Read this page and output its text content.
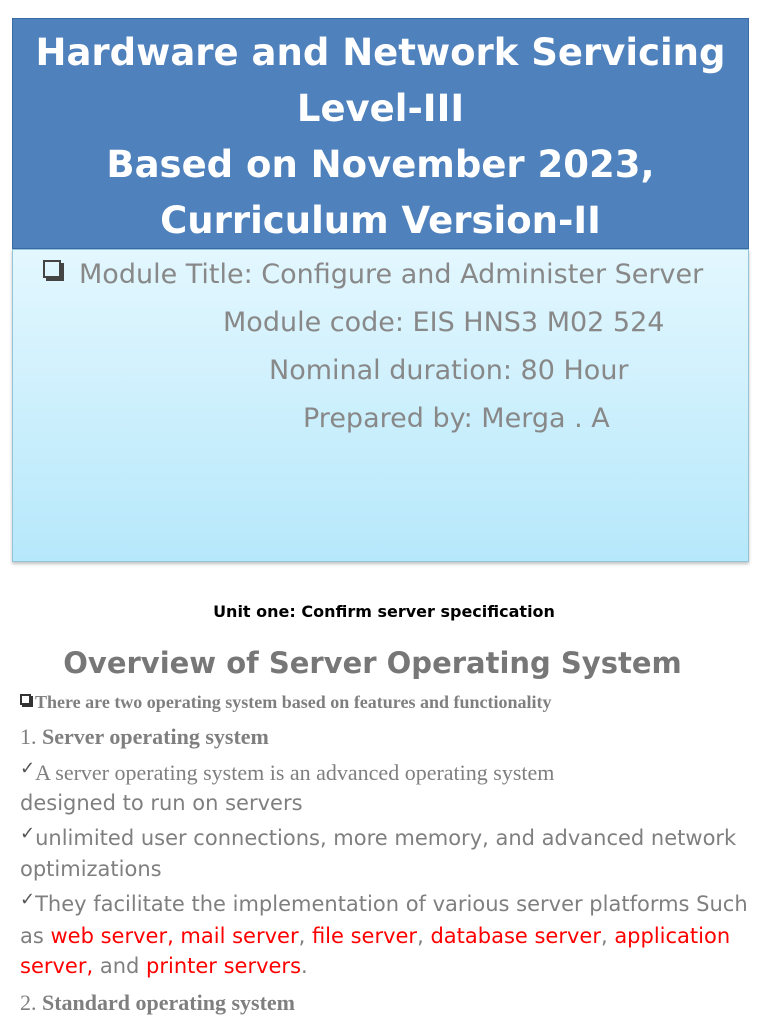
Hardware and Network Servicing
Level-III
Based on November 2023,
Curriculum Version-II
Module Title: Configure and Administer Server
Module code: EIS HNS3 M02 524
Nominal duration: 80 Hour
Prepared by: Merga . A
Unit one: Confirm server specification
Overview of Server Operating System
There are two operating system based on features and functionality
1. Server operating system
✓A server operating system is an advanced operating system
designed to run on servers
✓unlimited user connections, more memory, and advanced network
optimizations
✓They facilitate the implementation of various server platforms Such
as web server, mail server, file server, database server, application
server, and printer servers.
2. Standard operating system
